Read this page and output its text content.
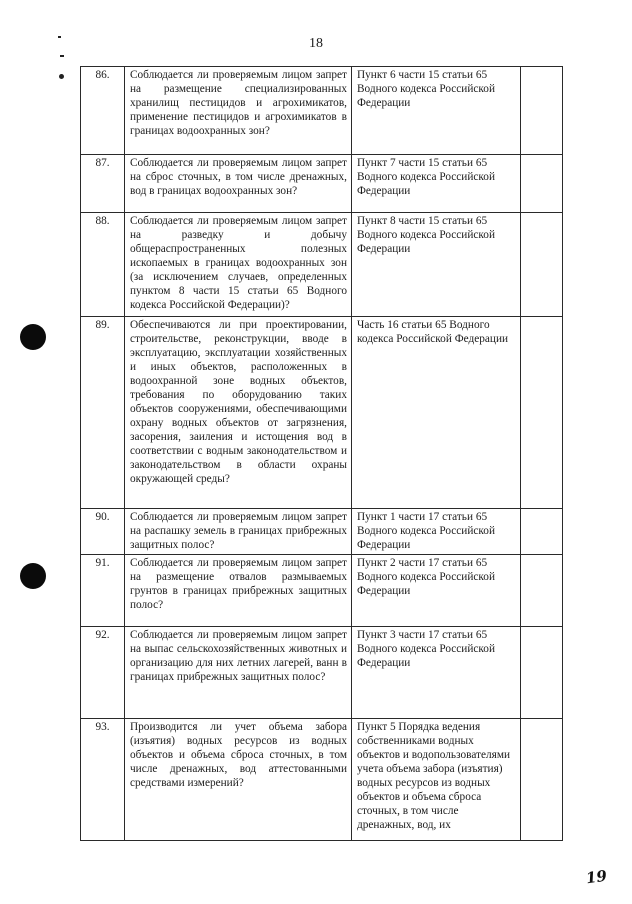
18
86.	Соблюдается ли проверяемым лицом запрет на размещение специализированных хранилищ пестицидов и агрохимикатов, применение пестицидов и агрохимикатов в границах водоохранных зон?	Пункт 6 части 15 статьи 65 Водного кодекса Российской Федерации	
87.	Соблюдается ли проверяемым лицом запрет на сброс сточных, в том числе дренажных, вод в границах водоохранных зон?	Пункт 7 части 15 статьи 65 Водного кодекса Российской Федерации	
88.	Соблюдается ли проверяемым лицом запрет на разведку и добычу общераспространенных полезных ископаемых в границах водоохранных зон (за исключением случаев, определенных пунктом 8 части 15 статьи 65 Водного кодекса Российской Федерации)?	Пункт 8 части 15 статьи 65 Водного кодекса Российской Федерации	
89.	Обеспечиваются ли при проектировании, строительстве, реконструкции, вводе в эксплуатацию, эксплуатации хозяйственных и иных объектов, расположенных в водоохранной зоне водных объектов, требования по оборудованию таких объектов сооружениями, обеспечивающими охрану водных объектов от загрязнения, засорения, заиления и истощения вод в соответствии с водным законодательством и законодательством в области охраны окружающей среды?	Часть 16 статьи 65 Водного кодекса Российской Федерации	
90.	Соблюдается ли проверяемым лицом запрет на распашку земель в границах прибрежных защитных полос?	Пункт 1 части 17 статьи 65 Водного кодекса Российской Федерации	
91.	Соблюдается ли проверяемым лицом запрет на размещение отвалов размываемых грунтов в границах прибрежных защитных полос?	Пункт 2 части 17 статьи 65 Водного кодекса Российской Федерации	
92.	Соблюдается ли проверяемым лицом запрет на выпас сельскохозяйственных животных и организацию для них летних лагерей, ванн в границах прибрежных защитных полос?	Пункт 3 части 17 статьи 65 Водного кодекса Российской Федерации	
93.	Производится ли учет объема забора (изъятия) водных ресурсов из водных объектов и объема сброса сточных, в том числе дренажных, вод аттестованными средствами измерений?	Пункт 5 Порядка ведения собственниками водных объектов и водопользователями учета объема забора (изъятия) водных ресурсов из водных объектов и объема сброса сточных, в том числе дренажных, вод, их	
19
